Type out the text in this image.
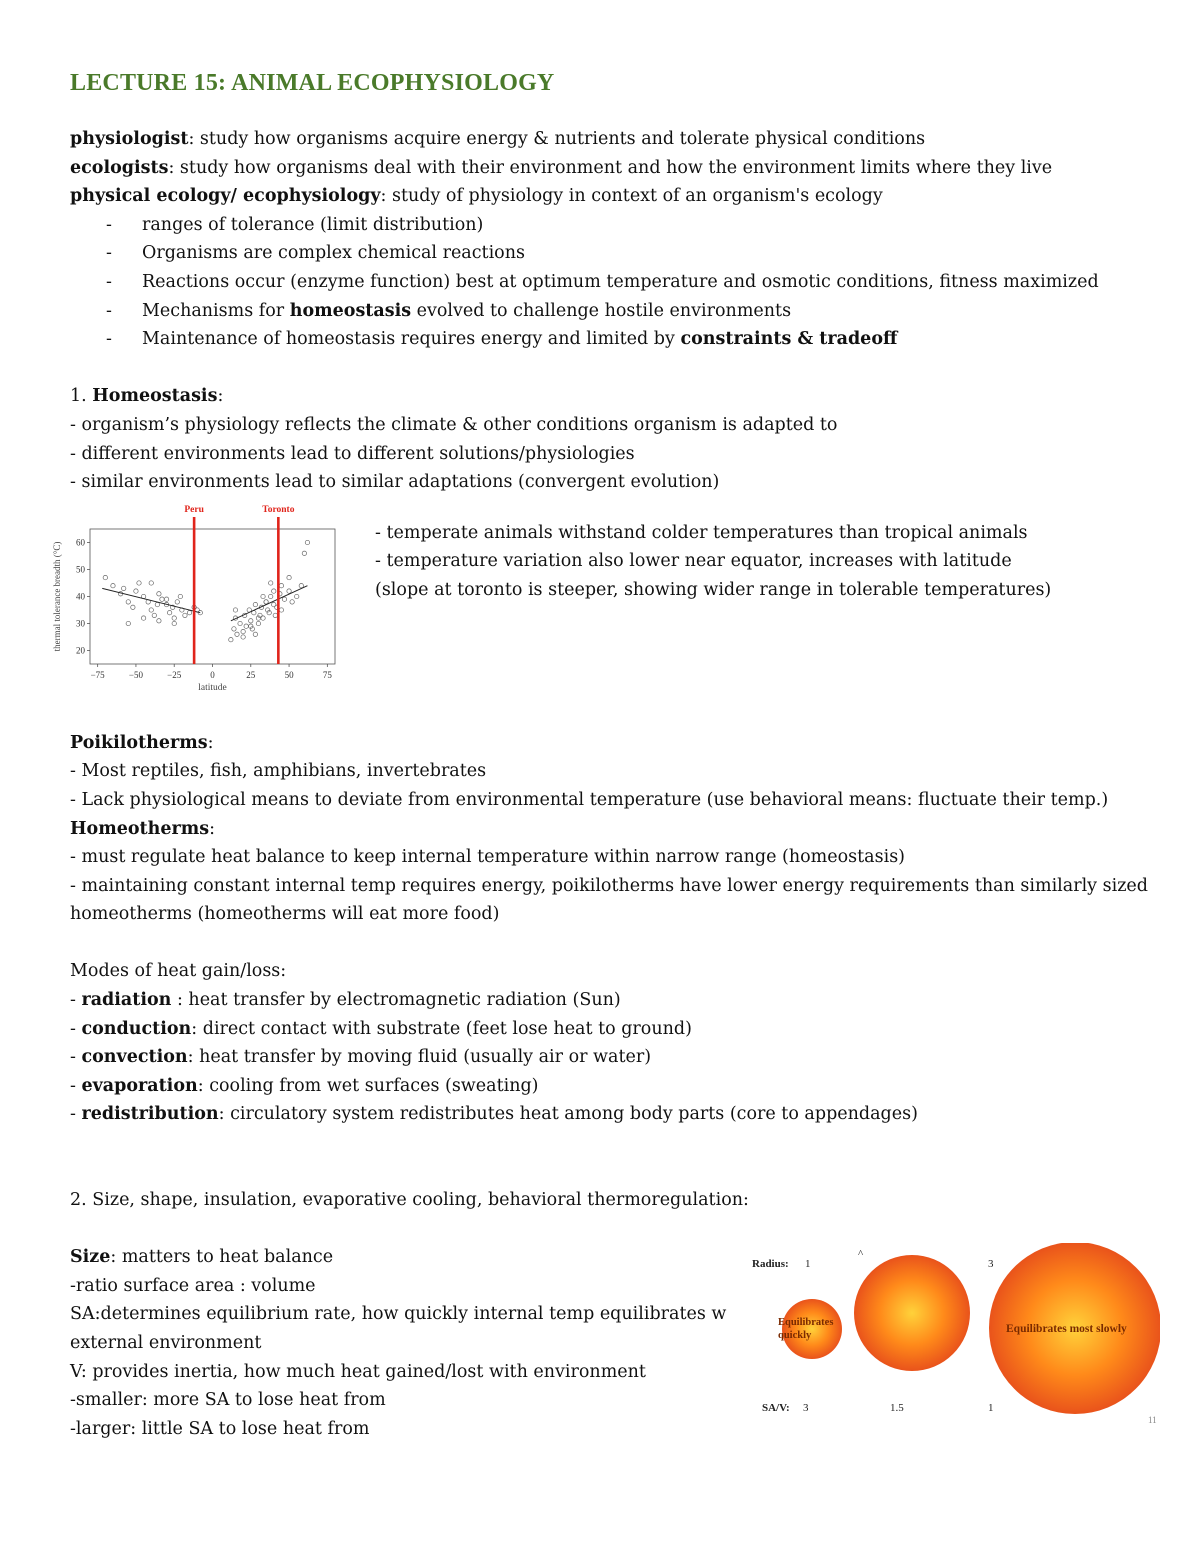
LECTURE 15: ANIMAL ECOPHYSIOLOGY
physiologist: study how organisms acquire energy & nutrients and tolerate physical conditions
ecologists: study how organisms deal with their environment and how the environment limits where they live
physical ecology/ ecophysiology: study of physiology in context of an organism's ecology
- ranges of tolerance (limit distribution)
- Organisms are complex chemical reactions
- Reactions occur (enzyme function) best at optimum temperature and osmotic conditions, fitness maximized
- Mechanisms for homeostasis evolved to challenge hostile environments
- Maintenance of homeostasis requires energy and limited by constraints & tradeoff
1. Homeostasis:
- organism’s physiology reflects the climate & other conditions organism is adapted to
- different environments lead to different solutions/physiologies
- similar environments lead to similar adaptations (convergent evolution)
−75	−50	−25	0	25	50	75
20
30
40
50
60
latitude
thermal tolerance breadth (°C)
Peru	Toronto
- temperate animals withstand colder temperatures than tropical animals
- temperature variation also lower near equator, increases with latitude
(slope at toronto is steeper, showing wider range in tolerable temperatures)
Poikilotherms:
- Most reptiles, fish, amphibians, invertebrates
- Lack physiological means to deviate from environmental temperature (use behavioral means: fluctuate their temp.)
Homeotherms:
- must regulate heat balance to keep internal temperature within narrow range (homeostasis)
- maintaining constant internal temp requires energy, poikilotherms have lower energy requirements than similarly sized
homeotherms (homeotherms will eat more food)
Modes of heat gain/loss:
- radiation : heat transfer by electromagnetic radiation (Sun)
- conduction: direct contact with substrate (feet lose heat to ground)
- convection: heat transfer by moving fluid (usually air or water)
- evaporation: cooling from wet surfaces (sweating)
- redistribution: circulatory system redistributes heat among body parts (core to appendages)
2. Size, shape, insulation, evaporative cooling, behavioral thermoregulation:
Size: matters to heat balance
-ratio surface area : volume
SA:determines equilibrium rate, how quickly internal temp equilibrates w
external environment
V: provides inertia, how much heat gained/lost with environment
-smaller: more SA to lose heat from
-larger: little SA to lose heat from
Radius: 1
^
3
Equilibrates
quickly
Equilibrates most slowly
SA/V: 3	1.5	1
11
